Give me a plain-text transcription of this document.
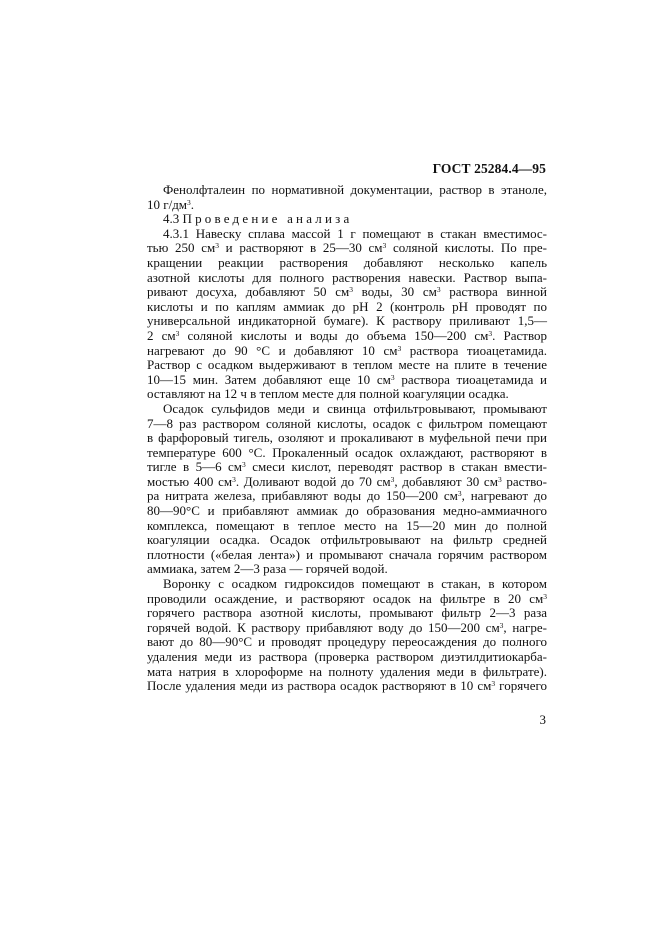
ГОСТ 25284.4—95
Фенолфталеин по нормативной документации, раствор в этаноле,
10 $г/дм^3$.
4.3 Проведение анализа
4.3.1 Навеску сплава массой 1 г помещают в стакан вместимос-
тью 250 $см^3$ и растворяют в 25—30 $см^3$ соляной кислоты. По пре-
кращении реакции растворения добавляют несколько капель
азотной кислоты для полного растворения навески. Раствор выпа-
ривают досуха, добавляют 50 $см^3$ воды, 30 $см^3$ раствора винной
кислоты и по каплям аммиак до рН 2 (контроль рН проводят по
универсальной индикаторной бумаге). К раствору приливают 1,5—
2 $см^3$ соляной кислоты и воды до объема 150—200 $см^3$. Раствор
нагревают до 90 °С и добавляют 10 $см^3$ раствора тиоацетамида.
Раствор с осадком выдерживают в теплом месте на плите в течение
10—15 мин. Затем добавляют еще 10 $см^3$ раствора тиоацетамида и
оставляют на 12 ч в теплом месте для полной коагуляции осадка.
Осадок сульфидов меди и свинца отфильтровывают, промывают
7—8 раз раствором соляной кислоты, осадок с фильтром помещают
в фарфоровый тигель, озоляют и прокаливают в муфельной печи при
температуре 600 °С. Прокаленный осадок охлаждают, растворяют в
тигле в 5—6 $см^3$ смеси кислот, переводят раствор в стакан вмести-
мостью 400 $см^3$. Доливают водой до 70 $см^3$, добавляют 30 $см^3$ раство-
ра нитрата железа, прибавляют воды до 150—200 $см^3$, нагревают до
80—90°С и прибавляют аммиак до образования медно-аммиачного
комплекса, помещают в теплое место на 15—20 мин до полной
коагуляции осадка. Осадок отфильтровывают на фильтр средней
плотности («белая лента») и промывают сначала горячим раствором
аммиака, затем 2—3 раза — горячей водой.
Воронку с осадком гидроксидов помещают в стакан, в котором
проводили осаждение, и растворяют осадок на фильтре в 20 $см^3$
горячего раствора азотной кислоты, промывают фильтр 2—3 раза
горячей водой. К раствору прибавляют воду до 150—200 $см^3$, нагре-
вают до 80—90°С и проводят процедуру переосаждения до полного
удаления меди из раствора (проверка раствором диэтилдитиокарба-
мата натрия в хлороформе на полноту удаления меди в фильтрате).
После удаления меди из раствора осадок растворяют в 10 $см^3$ горячего
3
